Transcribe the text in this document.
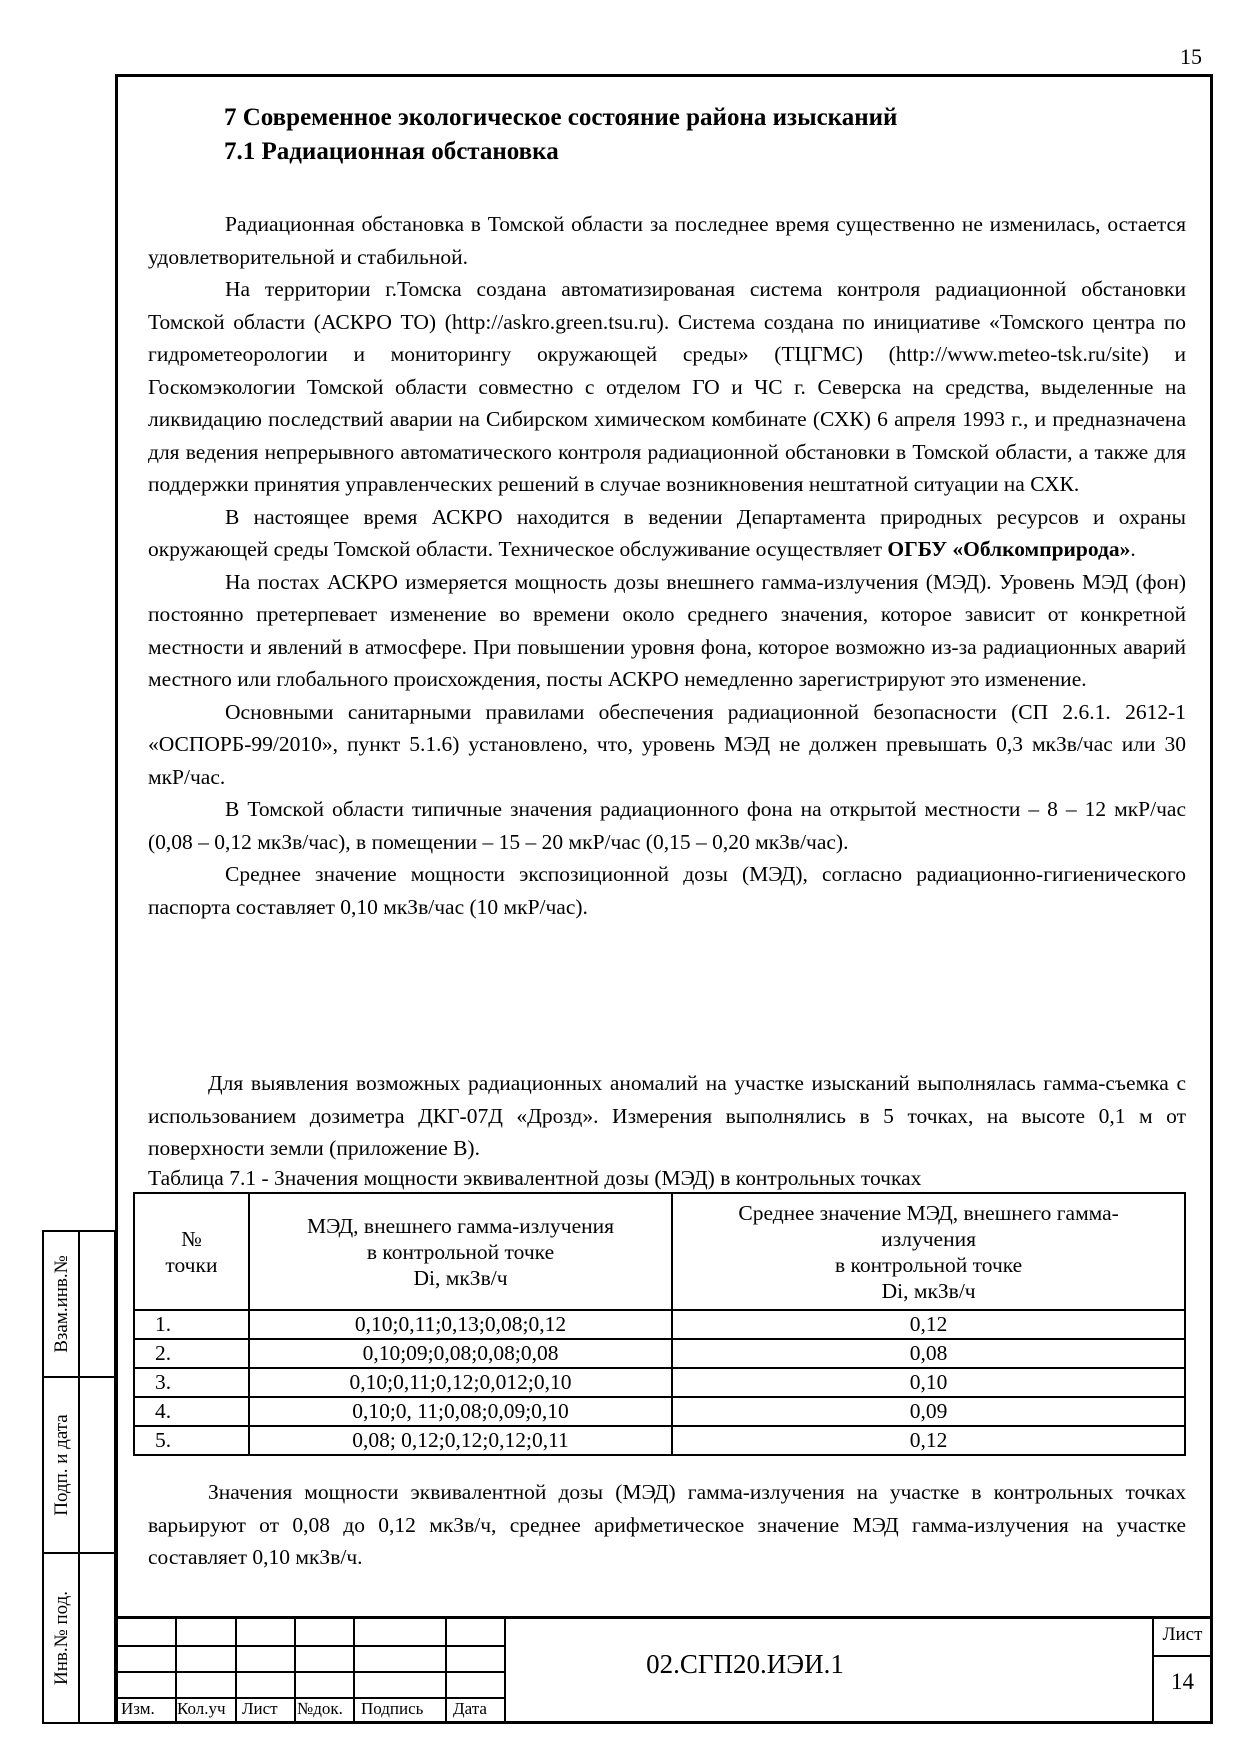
15
7 Современное экологическое состояние района изысканий
7.1 Радиационная обстановка

Радиационная обстановка в Томской области за последнее время существенно не изменилась, остается удовлетворительной и стабильной.

На территории г.Томска создана автоматизированая система контроля радиационной обстановки Томской области (АСКРО ТО) (http://askro.green.tsu.ru). Система создана по инициативе «Томского центра по гидрометеорологии и мониторингу окружающей среды» (ТЦГМС) (http://www.meteo-tsk.ru/site) и Госкомэкологии Томской области совместно с отделом ГО и ЧС г. Северска на средства, выделенные на ликвидацию последствий аварии на Сибирском химическом комбинате (СХК) 6 апреля 1993 г., и предназначена для ведения непрерывного автоматического контроля радиационной обстановки в Томской области, а также для поддержки принятия управленческих решений в случае возникновения нештатной ситуации на СХК.

В настоящее время АСКРО находится в ведении Департамента природных ресурсов и охраны окружающей среды Томской области. Техническое обслуживание осуществляет ОГБУ «Облкомприрода».

На постах АСКРО измеряется мощность дозы внешнего гамма-излучения (МЭД). Уровень МЭД (фон) постоянно претерпевает изменение во времени около среднего значения, которое зависит от конкретной местности и явлений в атмосфере. При повышении уровня фона, которое возможно из-за радиационных аварий местного или глобального происхождения, посты АСКРО немедленно зарегистрируют это изменение.

Основными санитарными правилами обеспечения радиационной безопасности (СП 2.6.1. 2612-1 «ОСПОРБ-99/2010», пункт 5.1.6) установлено, что, уровень МЭД не должен превышать 0,3 мкЗв/час или 30 мкР/час.

В Томской области типичные значения радиационного фона на открытой местности – 8 – 12 мкР/час (0,08 – 0,12 мкЗв/час), в помещении – 15 – 20 мкР/час (0,15 – 0,20 мкЗв/час).

Среднее значение мощности экспозиционной дозы (МЭД), согласно радиационно-гигиенического паспорта составляет 0,10 мкЗв/час (10 мкР/час).

Для выявления возможных радиационных аномалий на участке изысканий выполнялась гамма-съемка с использованием дозиметра ДКГ-07Д «Дрозд». Измерения выполнялись в 5 точках, на высоте 0,1 м от поверхности земли (приложение В).

Таблица 7.1 - Значения мощности эквивалентной дозы (МЭД) в контрольных точках
№
точки	МЭД, внешнего гамма-излучения
в контрольной точке
Di, мкЗв/ч	Среднее значение МЭД, внешнего гамма-
излучения
в контрольной точке
Di, мкЗв/ч
1.	0,10;0,11;0,13;0,08;0,12	0,12
2.	0,10;09;0,08;0,08;0,08	0,08
3.	0,10;0,11;0,12;0,012;0,10	0,10
4.	0,10;0, 11;0,08;0,09;0,10	0,09
5.	0,08; 0,12;0,12;0,12;0,11	0,12

Значения мощности эквивалентной дозы (МЭД) гамма-излучения на участке в контрольных точках варьируют от 0,08 до 0,12 мкЗв/ч, среднее арифметическое значение МЭД гамма-излучения на участке составляет 0,10 мкЗв/ч.

Взам.инв.№
Подп. и дата
Инв.№ под.
Изм. Кол.уч Лист №док. Подпись Дата
02.СГП20.ИЭИ.1
Лист
14
